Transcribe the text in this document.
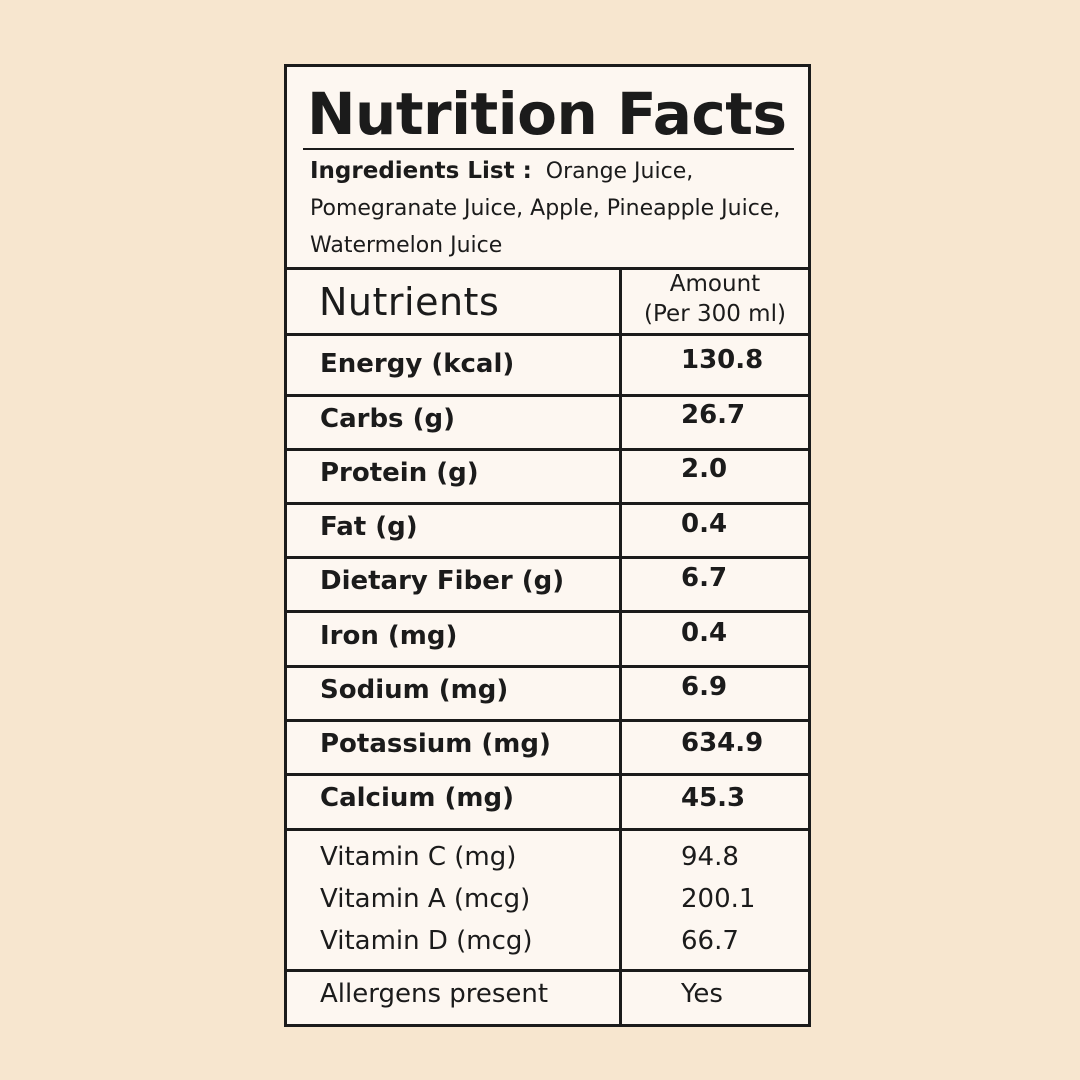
Nutrition Facts
Ingredients List : Orange Juice, Pomegranate Juice, Apple, Pineapple Juice, Watermelon Juice
Nutrients	Amount
(Per 300 ml)
Energy (kcal)	130.8
Carbs (g)	26.7
Protein (g)	2.0
Fat (g)	0.4
Dietary Fiber (g)	6.7
Iron (mg)	0.4
Sodium (mg)	6.9
Potassium (mg)	634.9
Calcium (mg)	45.3
Vitamin C (mg)	94.8
Vitamin A (mcg)	200.1
Vitamin D (mcg)	66.7
Allergens present	Yes
